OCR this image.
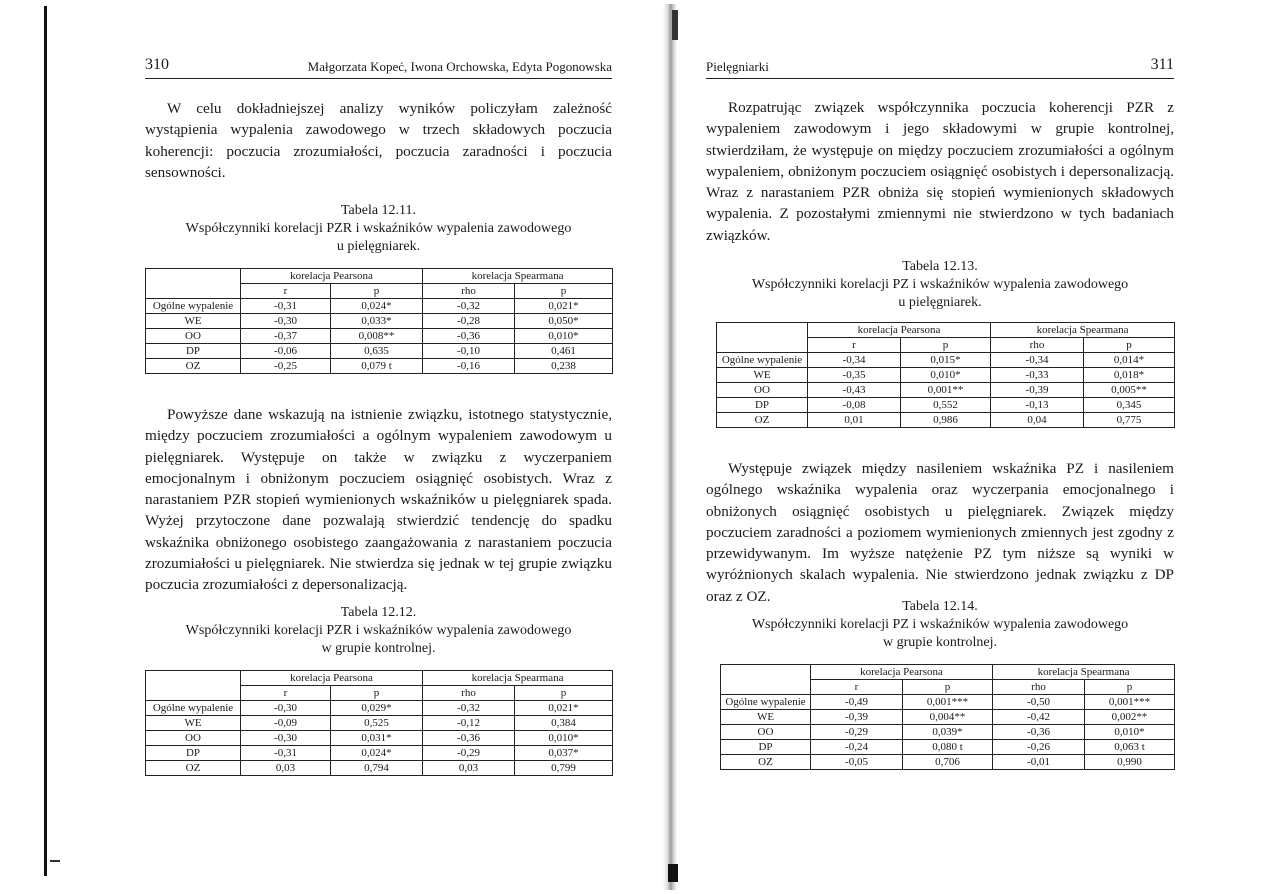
310	Małgorzata Kopeć, Iwona Orchowska, Edyta Pogonowska

W celu dokładniejszej analizy wyników policzyłam zależność wystąpienia wypalenia zawodowego w trzech składowych poczucia koherencji: poczucia zrozumiałości, poczucia zaradności i poczucia sensowności.

Tabela 12.11.
Współczynniki korelacji PZR i wskaźników wypalenia zawodowego
u pielęgniarek.
	korelacja Pearsona		korelacja Spearmana	
	r	p	rho	p
Ogólne wypalenie	-0,31	0,024*	-0,32	0,021*
WE	-0,30	0,033*	-0,28	0,050*
OO	-0,37	0,008**	-0,36	0,010*
DP	-0,06	0,635	-0,10	0,461
OZ	-0,25	0,079 t	-0,16	0,238

Powyższe dane wskazują na istnienie związku, istotnego statystycznie, między poczuciem zrozumiałości a ogólnym wypaleniem zawodowym u pielęgniarek. Występuje on także w związku z wyczerpaniem emocjonalnym i obniżonym poczuciem osiągnięć osobistych. Wraz z narastaniem PZR stopień wymienionych wskaźników u pielęgniarek spada. Wyżej przytoczone dane pozwalają stwierdzić tendencję do spadku wskaźnika obniżonego osobistego zaangażowania z narastaniem poczucia zrozumiałości u pielęgniarek. Nie stwierdza się jednak w tej grupie związku poczucia zrozumiałości z depersonalizacją.

Tabela 12.12.
Współczynniki korelacji PZR i wskaźników wypalenia zawodowego
w grupie kontrolnej.
	korelacja Pearsona		korelacja Spearmana	
	r	p	rho	p
Ogólne wypalenie	-0,30	0,029*	-0,32	0,021*
WE	-0,09	0,525	-0,12	0,384
OO	-0,30	0,031*	-0,36	0,010*
DP	-0,31	0,024*	-0,29	0,037*
OZ	0,03	0,794	0,03	0,799
Pielęgniarki	311

Rozpatrując związek współczynnika poczucia koherencji PZR z wypaleniem zawodowym i jego składowymi w grupie kontrolnej, stwierdziłam, że występuje on między poczuciem zrozumiałości a ogólnym wypaleniem, obniżonym poczuciem osiągnięć osobistych i depersonalizacją. Wraz z narastaniem PZR obniża się stopień wymienionych składowych wypalenia. Z pozostałymi zmiennymi nie stwierdzono w tych badaniach związków.

Tabela 12.13.
Współczynniki korelacji PZ i wskaźników wypalenia zawodowego
u pielęgniarek.
	korelacja Pearsona		korelacja Spearmana	
	r	p	rho	p
Ogólne wypalenie	-0,34	0,015*	-0,34	0,014*
WE	-0,35	0,010*	-0,33	0,018*
OO	-0,43	0,001**	-0,39	0,005**
DP	-0,08	0,552	-0,13	0,345
OZ	0,01	0,986	0,04	0,775

Występuje związek między nasileniem wskaźnika PZ i nasileniem ogólnego wskaźnika wypalenia oraz wyczerpania emocjonalnego i obniżonych osiągnięć osobistych u pielęgniarek. Związek między poczuciem zaradności a poziomem wymienionych zmiennych jest zgodny z przewidywanym. Im wyższe natężenie PZ tym niższe są wyniki w wyróżnionych skalach wypalenia. Nie stwierdzono jednak związku z DP oraz z OZ.

Tabela 12.14.
Współczynniki korelacji PZ i wskaźników wypalenia zawodowego
w grupie kontrolnej.
	korelacja Pearsona		korelacja Spearmana	
	r	p	rho	p
Ogólne wypalenie	-0,49	0,001***	-0,50	0,001***
WE	-0,39	0,004**	-0,42	0,002**
OO	-0,29	0,039*	-0,36	0,010*
DP	-0,24	0,080 t	-0,26	0,063 t
OZ	-0,05	0,706	-0,01	0,990
